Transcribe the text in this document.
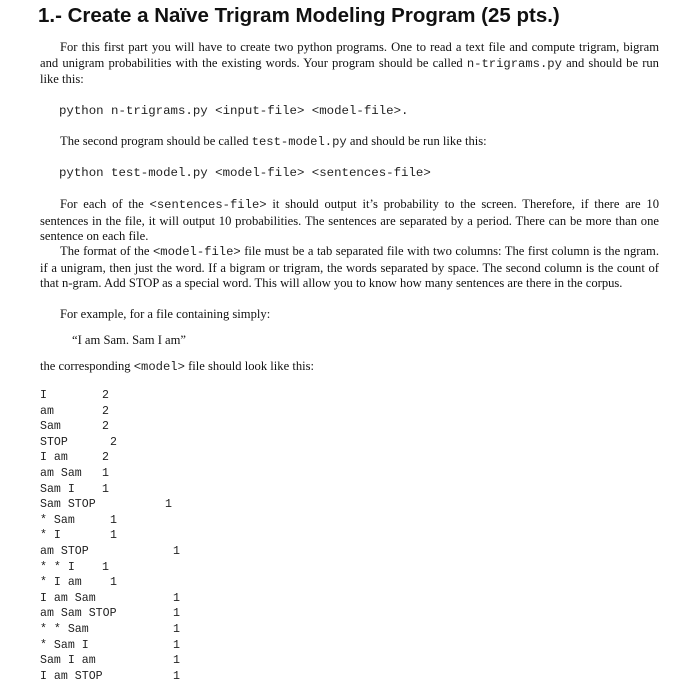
1.- Create a Naïve Trigram Modeling Program (25 pts.)

For this first part you will have to create two python programs. One to read a text file and compute trigram, bigram and unigram probabilities with the existing words. Your program should be called n-trigrams.py and should be run like this:

python n-trigrams.py <input-file> <model-file>.

The second program should be called test-model.py and should be run like this:

python test-model.py <model-file> <sentences-file>

For each of the <sentences-file> it should output it’s probability to the screen. Therefore, if there are 10 sentences in the file, it will output 10 probabilities. The sentences are separated by a period. There can be more than one sentence on each file.

The format of the <model-file> file must be a tab separated file with two columns: The first column is the ngram. if a unigram, then just the word. If a bigram or trigram, the words separated by space. The second column is the count of that n-gram. Add STOP as a special word. This will allow you to know how many sentences are there in the corpus.

For example, for a file containing simply:

“I am Sam. Sam I am”

the corresponding <model> file should look like this:

I	2
am	2
Sam	2
STOP	2
I am	2
am Sam 1
Sam I 1
Sam STOP	1
* Sam	1
* I	1
am STOP	1
* * I 1
* I am 1
I am Sam	1
am Sam STOP	1
* * Sam	1
* Sam I	1
Sam I am	1
I am STOP	1
